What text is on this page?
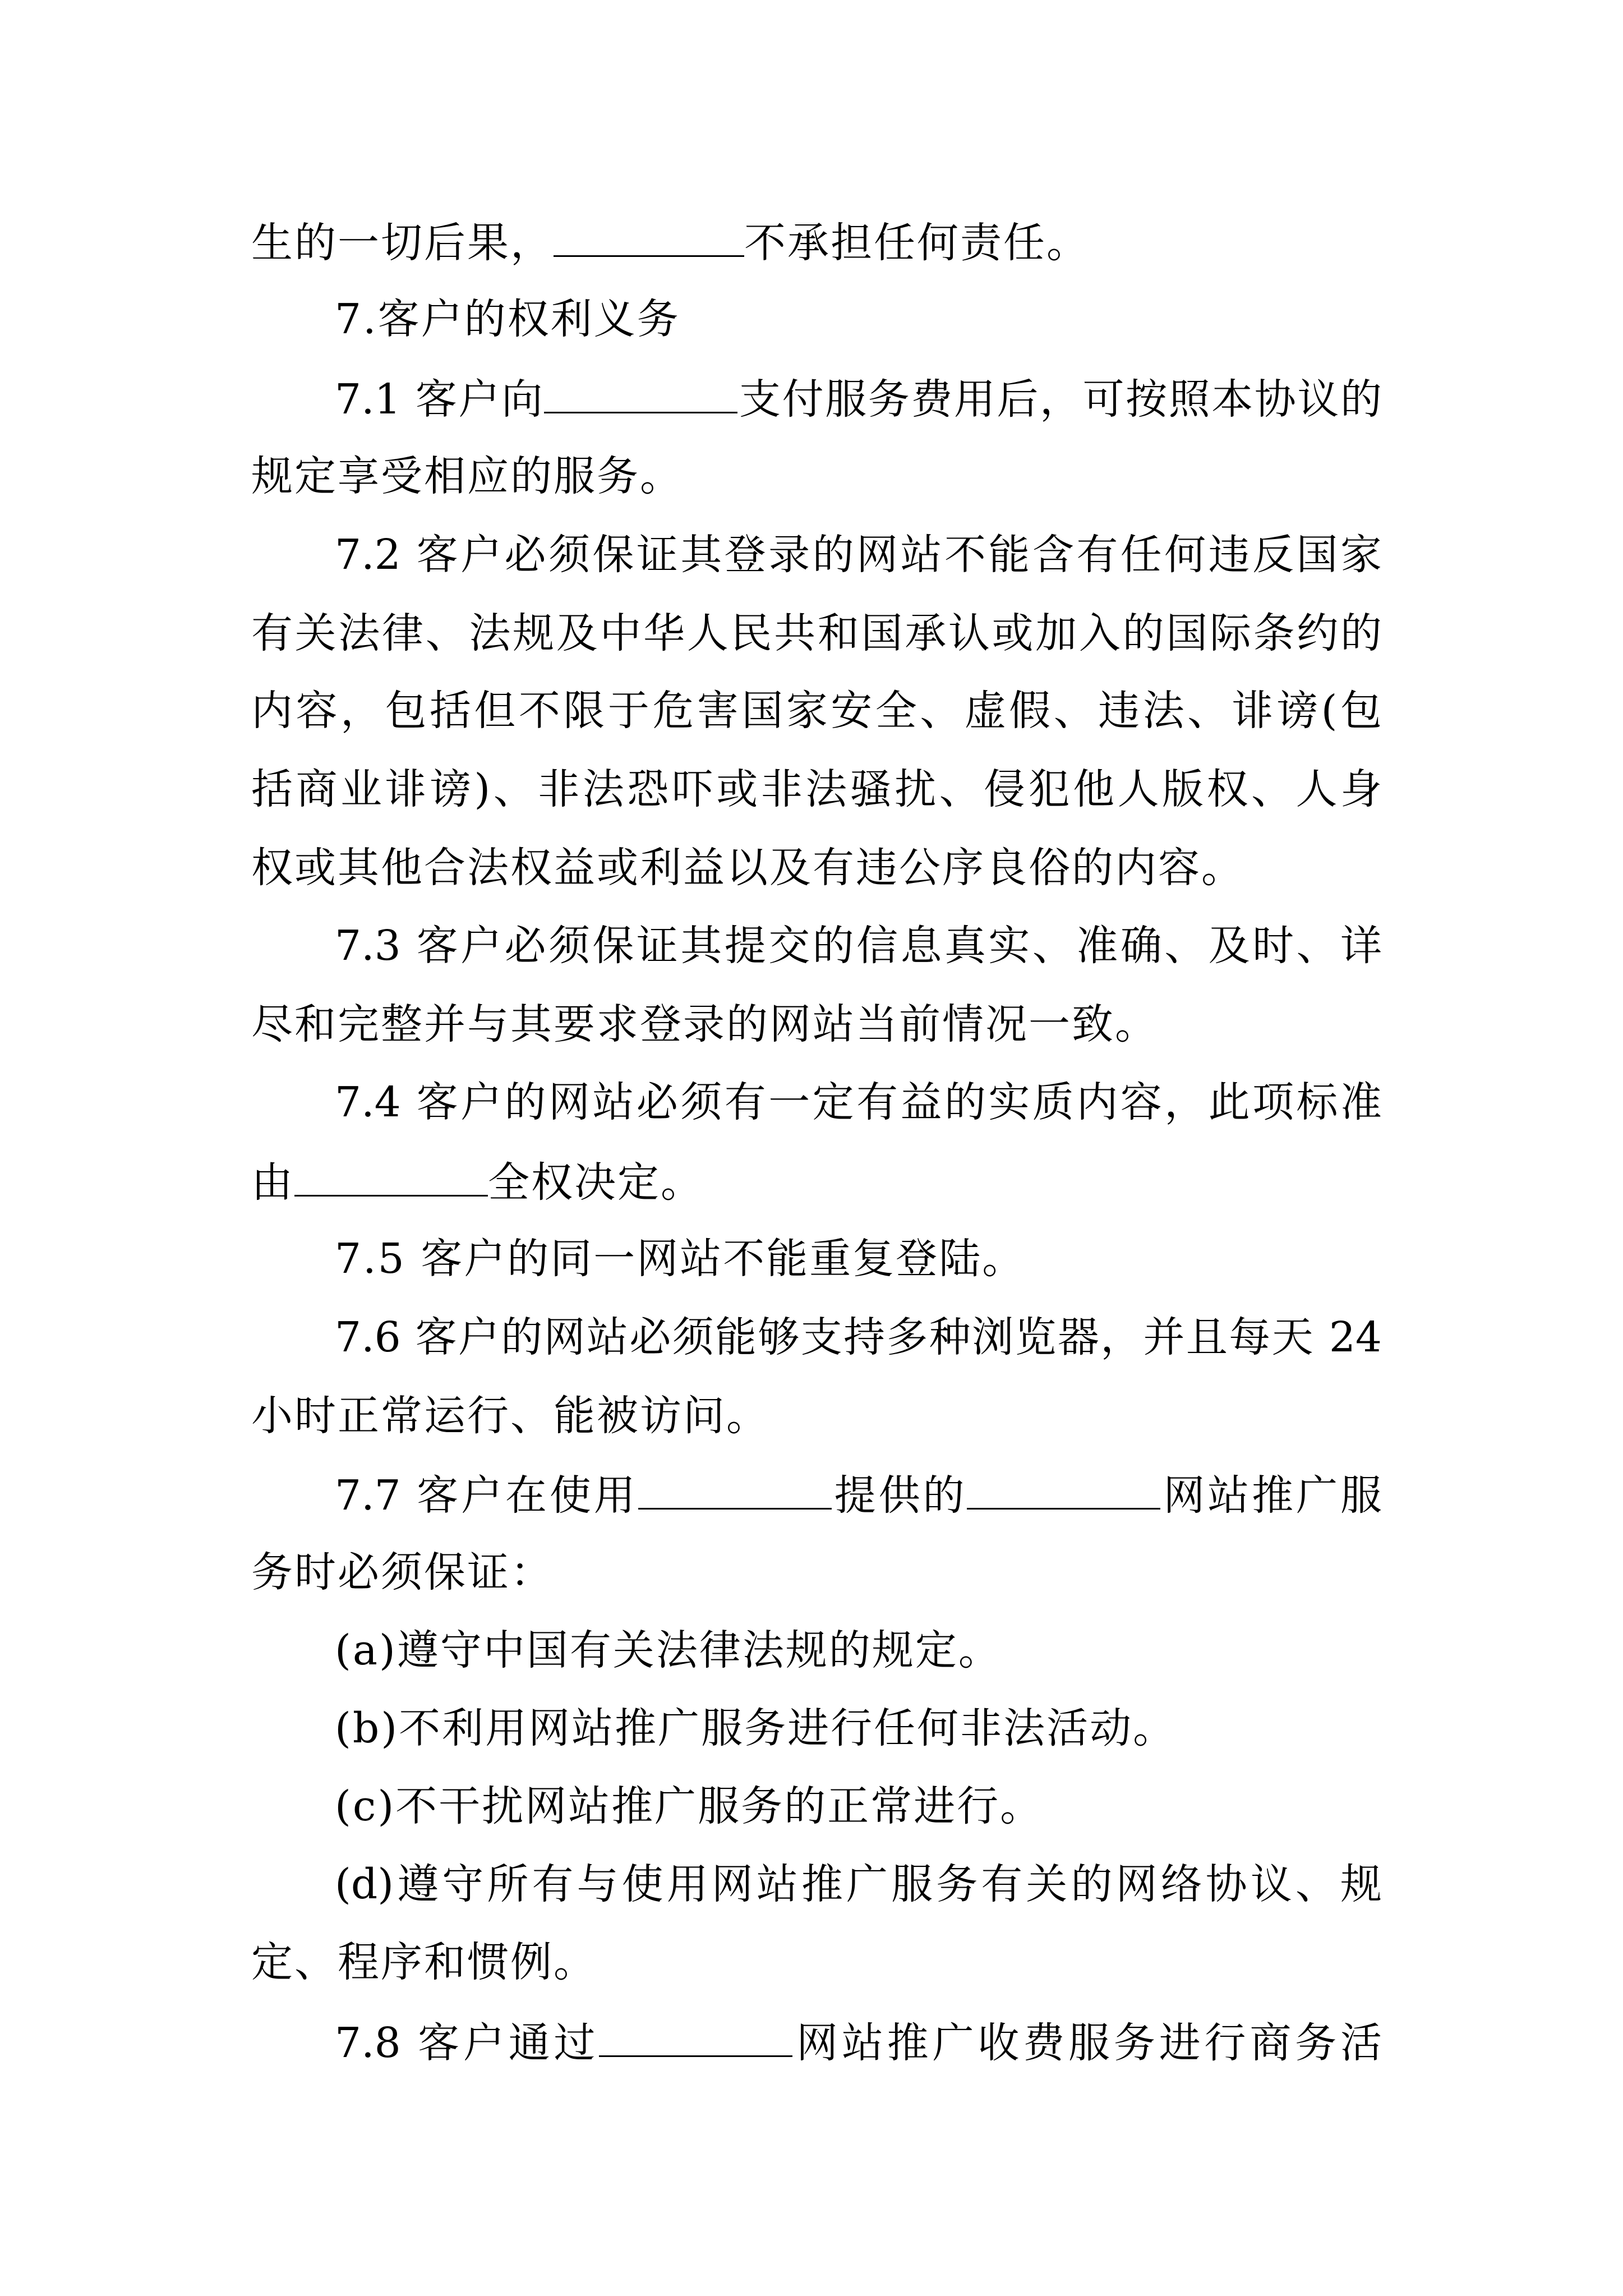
生的一切后果，	不承担任何责任。
7.客户的权利义务
7.1 客户向	支付服务费用后，可按照本协议的
规定享受相应的服务。
7.2 客户必须保证其登录的网站不能含有任何违反国家
有关法律、法规及中华人民共和国承认或加入的国际条约的
内容，包括但不限于危害国家安全、虚假、违法、诽谤(包
括商业诽谤)、非法恐吓或非法骚扰、侵犯他人版权、人身
权或其他合法权益或利益以及有违公序良俗的内容。
7.3 客户必须保证其提交的信息真实、准确、及时、详
尽和完整并与其要求登录的网站当前情况一致。
7.4 客户的网站必须有一定有益的实质内容，此项标准
由	全权决定。
7.5 客户的同一网站不能重复登陆。
7.6 客户的网站必须能够支持多种浏览器，并且每天 24
小时正常运行、能被访问。
7.7 客户在使用	提供的	网站推广服
务时必须保证：
(a)遵守中国有关法律法规的规定。
(b)不利用网站推广服务进行任何非法活动。
(c)不干扰网站推广服务的正常进行。
(d)遵守所有与使用网站推广服务有关的网络协议、规
定、程序和惯例。
7.8 客户通过	网站推广收费服务进行商务活
